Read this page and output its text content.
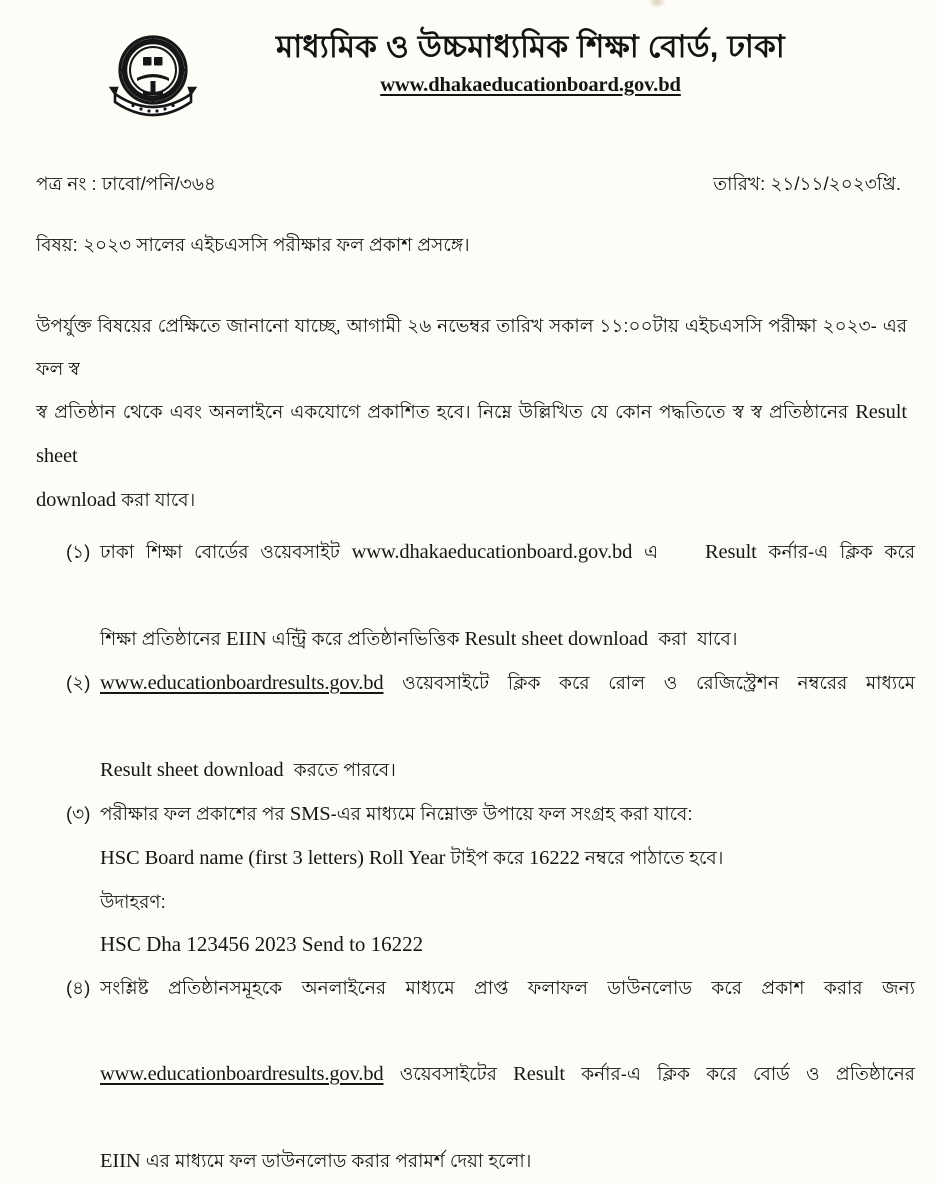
মাধ্যমিক ও উচ্চমাধ্যমিক শিক্ষা বোর্ড, ঢাকা
www.dhakaeducationboard.gov.bd
পত্র নং : ঢাবো/পনি/৩৬৪	তারিখ: ২১/১১/২০২৩খ্রি.
বিষয়: ২০২৩ সালের এইচএসসি পরীক্ষার ফল প্রকাশ প্রসঙ্গে।
উপর্যুক্ত বিষয়ের প্রেক্ষিতে জানানো যাচ্ছে, আগামী ২৬ নভেম্বর তারিখ সকাল ১১:০০টায় এইচএসসি পরীক্ষা ২০২৩- এর ফল স্ব
স্ব প্রতিষ্ঠান থেকে এবং অনলাইনে একযোগে প্রকাশিত হবে। নিম্নে উল্লিখিত যে কোন পদ্ধতিতে স্ব স্ব প্রতিষ্ঠানের Result sheet
download করা যাবে।
(১) ঢাকা শিক্ষা বোর্ডের ওয়েবসাইট www.dhakaeducationboard.gov.bd এ    Result কর্নার-এ ক্লিক করে
শিক্ষা প্রতিষ্ঠানের EIIN এন্ট্রি করে প্রতিষ্ঠানভিত্তিক Result sheet download  করা  যাবে।
(২) www.educationboardresults.gov.bd ওয়েবসাইটে ক্লিক করে রোল ও রেজিস্ট্রেশন নম্বরের মাধ্যমে
Result sheet download  করতে পারবে।
(৩) পরীক্ষার ফল প্রকাশের পর SMS-এর মাধ্যমে নিম্নোক্ত উপায়ে ফল সংগ্রহ করা যাবে:
HSC Board name (first 3 letters) Roll Year টাইপ করে 16222 নম্বরে পাঠাতে হবে।
উদাহরণ:
HSC Dha 123456 2023 Send to 16222
(৪) সংশ্লিষ্ট প্রতিষ্ঠানসমূহকে অনলাইনের মাধ্যমে প্রাপ্ত ফলাফল ডাউনলোড করে প্রকাশ করার জন্য
www.educationboardresults.gov.bd ওয়েবসাইটের Result কর্নার-এ ক্লিক করে বোর্ড ও প্রতিষ্ঠানের
EIIN এর মাধ্যমে ফল ডাউনলোড করার পরামর্শ দেয়া হলো।
